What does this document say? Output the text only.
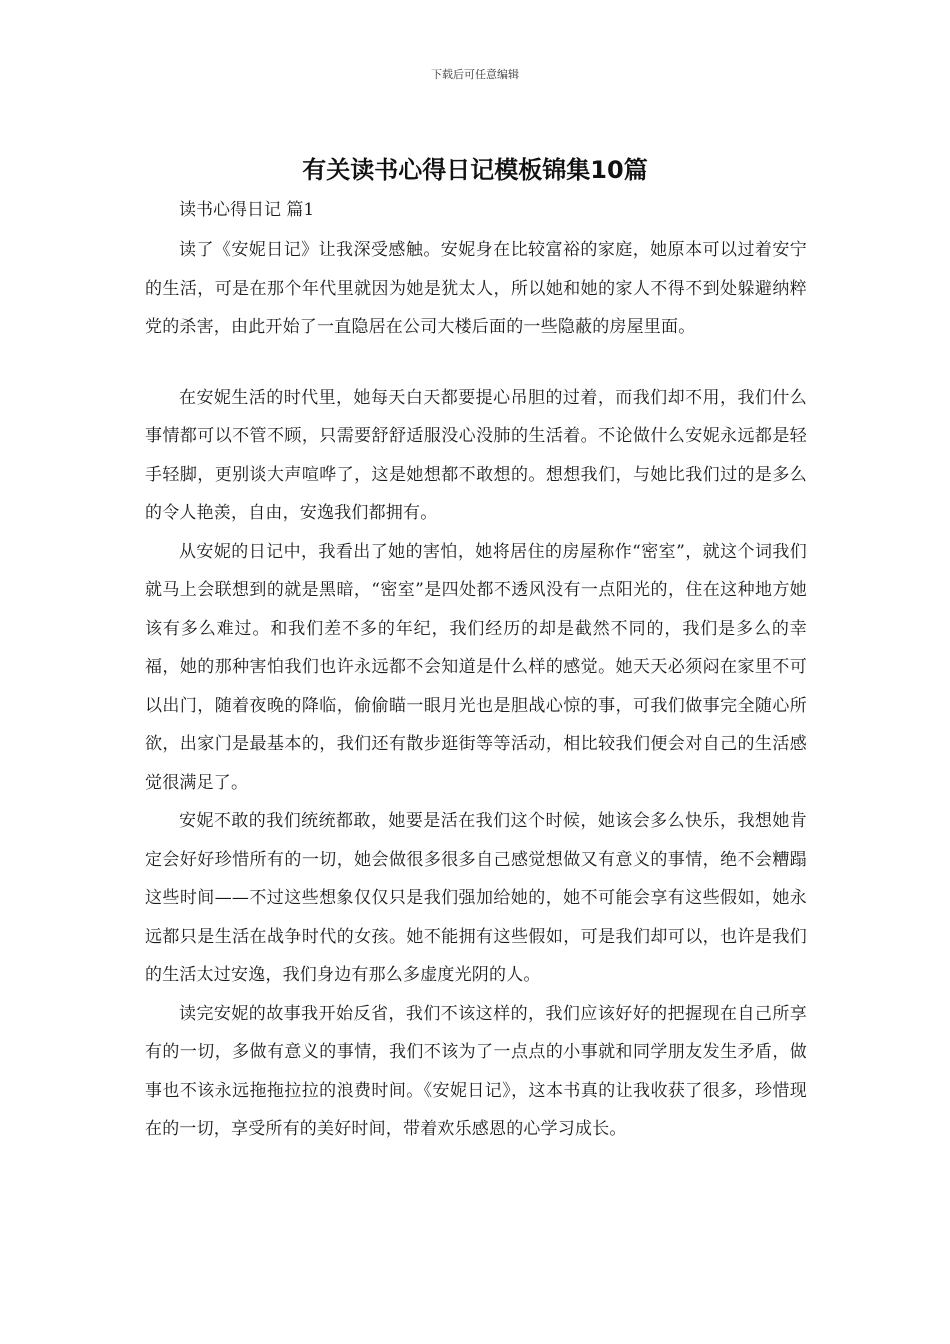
下载后可任意编辑
有关读书心得日记模板锦集10篇

读书心得日记 篇1

读了《安妮日记》让我深受感触。安妮身在比较富裕的家庭，她原本可以过着安宁的生活，可是在那个年代里就因为她是犹太人，所以她和她的家人不得不到处躲避纳粹党的杀害，由此开始了一直隐居在公司大楼后面的一些隐蔽的房屋里面。

在安妮生活的时代里，她每天白天都要提心吊胆的过着，而我们却不用，我们什么事情都可以不管不顾，只需要舒舒适服没心没肺的生活着。不论做什么安妮永远都是轻手轻脚，更别谈大声喧哗了，这是她想都不敢想的。想想我们，与她比我们过的是多么的令人艳羡，自由，安逸我们都拥有。

从安妮的日记中，我看出了她的害怕，她将居住的房屋称作“密室”，就这个词我们就马上会联想到的就是黑暗，“密室”是四处都不透风没有一点阳光的，住在这种地方她该有多么难过。和我们差不多的年纪，我们经历的却是截然不同的，我们是多么的幸福，她的那种害怕我们也许永远都不会知道是什么样的感觉。她天天必须闷在家里不可以出门，随着夜晚的降临，偷偷瞄一眼月光也是胆战心惊的事，可我们做事完全随心所欲，出家门是最基本的，我们还有散步逛街等等活动，相比较我们便会对自己的生活感觉很满足了。

安妮不敢的我们统统都敢，她要是活在我们这个时候，她该会多么快乐，我想她肯定会好好珍惜所有的一切，她会做很多很多自己感觉想做又有意义的事情，绝不会糟蹋这些时间——不过这些想象仅仅只是我们强加给她的，她不可能会享有这些假如，她永远都只是生活在战争时代的女孩。她不能拥有这些假如，可是我们却可以，也许是我们的生活太过安逸，我们身边有那么多虚度光阴的人。

读完安妮的故事我开始反省，我们不该这样的，我们应该好好的把握现在自己所享有的一切，多做有意义的事情，我们不该为了一点点的小事就和同学朋友发生矛盾，做事也不该永远拖拖拉拉的浪费时间。《安妮日记》，这本书真的让我收获了很多，珍惜现在的一切，享受所有的美好时间，带着欢乐感恩的心学习成长。
